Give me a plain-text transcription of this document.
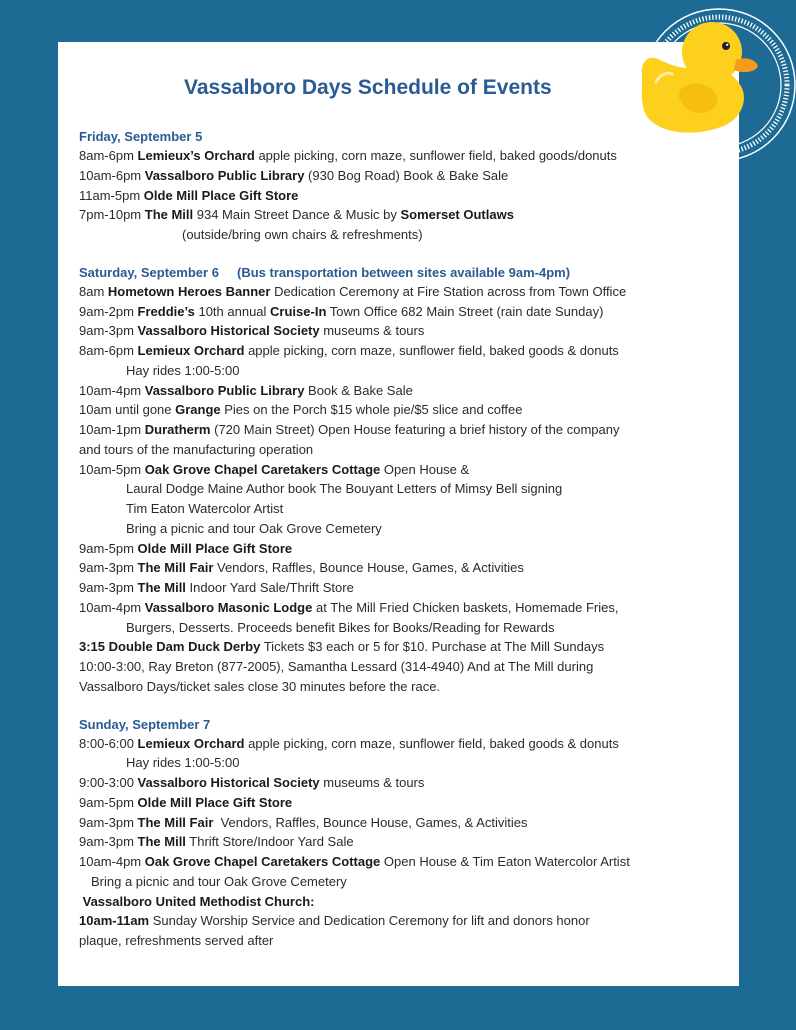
Vassalboro Days Schedule of Events
Friday, September 5
8am-6pm Lemieux’s Orchard apple picking, corn maze, sunflower field, baked goods/donuts
10am-6pm Vassalboro Public Library (930 Bog Road) Book & Bake Sale
11am-5pm Olde Mill Place Gift Store
7pm-10pm The Mill 934 Main Street Dance & Music by Somerset Outlaws
(outside/bring own chairs & refreshments)
Saturday, September 6 (Bus transportation between sites available 9am-4pm)
8am Hometown Heroes Banner Dedication Ceremony at Fire Station across from Town Office
9am-2pm Freddie’s 10th annual Cruise-In Town Office 682 Main Street (rain date Sunday)
9am-3pm Vassalboro Historical Society museums & tours
8am-6pm Lemieux Orchard apple picking, corn maze, sunflower field, baked goods & donuts
Hay rides 1:00-5:00
10am-4pm Vassalboro Public Library Book & Bake Sale
10am until gone Grange Pies on the Porch $15 whole pie/$5 slice and coffee
10am-1pm Duratherm (720 Main Street) Open House featuring a brief history of the company
and tours of the manufacturing operation
10am-5pm Oak Grove Chapel Caretakers Cottage Open House &
Laural Dodge Maine Author book The Bouyant Letters of Mimsy Bell signing
Tim Eaton Watercolor Artist
Bring a picnic and tour Oak Grove Cemetery
9am-5pm Olde Mill Place Gift Store
9am-3pm The Mill Fair Vendors, Raffles, Bounce House, Games, & Activities
9am-3pm The Mill Indoor Yard Sale/Thrift Store
10am-4pm Vassalboro Masonic Lodge at The Mill Fried Chicken baskets, Homemade Fries,
Burgers, Desserts. Proceeds benefit Bikes for Books/Reading for Rewards
3:15 Double Dam Duck Derby Tickets $3 each or 5 for $10. Purchase at The Mill Sundays
10:00-3:00, Ray Breton (877-2005), Samantha Lessard (314-4940) And at The Mill during
Vassalboro Days/ticket sales close 30 minutes before the race.
Sunday, September 7
8:00-6:00 Lemieux Orchard apple picking, corn maze, sunflower field, baked goods & donuts
Hay rides 1:00-5:00
9:00-3:00 Vassalboro Historical Society museums & tours
9am-5pm Olde Mill Place Gift Store
9am-3pm The Mill Fair  Vendors, Raffles, Bounce House, Games, & Activities
9am-3pm The Mill Thrift Store/Indoor Yard Sale
10am-4pm Oak Grove Chapel Caretakers Cottage Open House & Tim Eaton Watercolor Artist
Bring a picnic and tour Oak Grove Cemetery
Vassalboro United Methodist Church:
10am-11am Sunday Worship Service and Dedication Ceremony for lift and donors honor
plaque, refreshments served after
